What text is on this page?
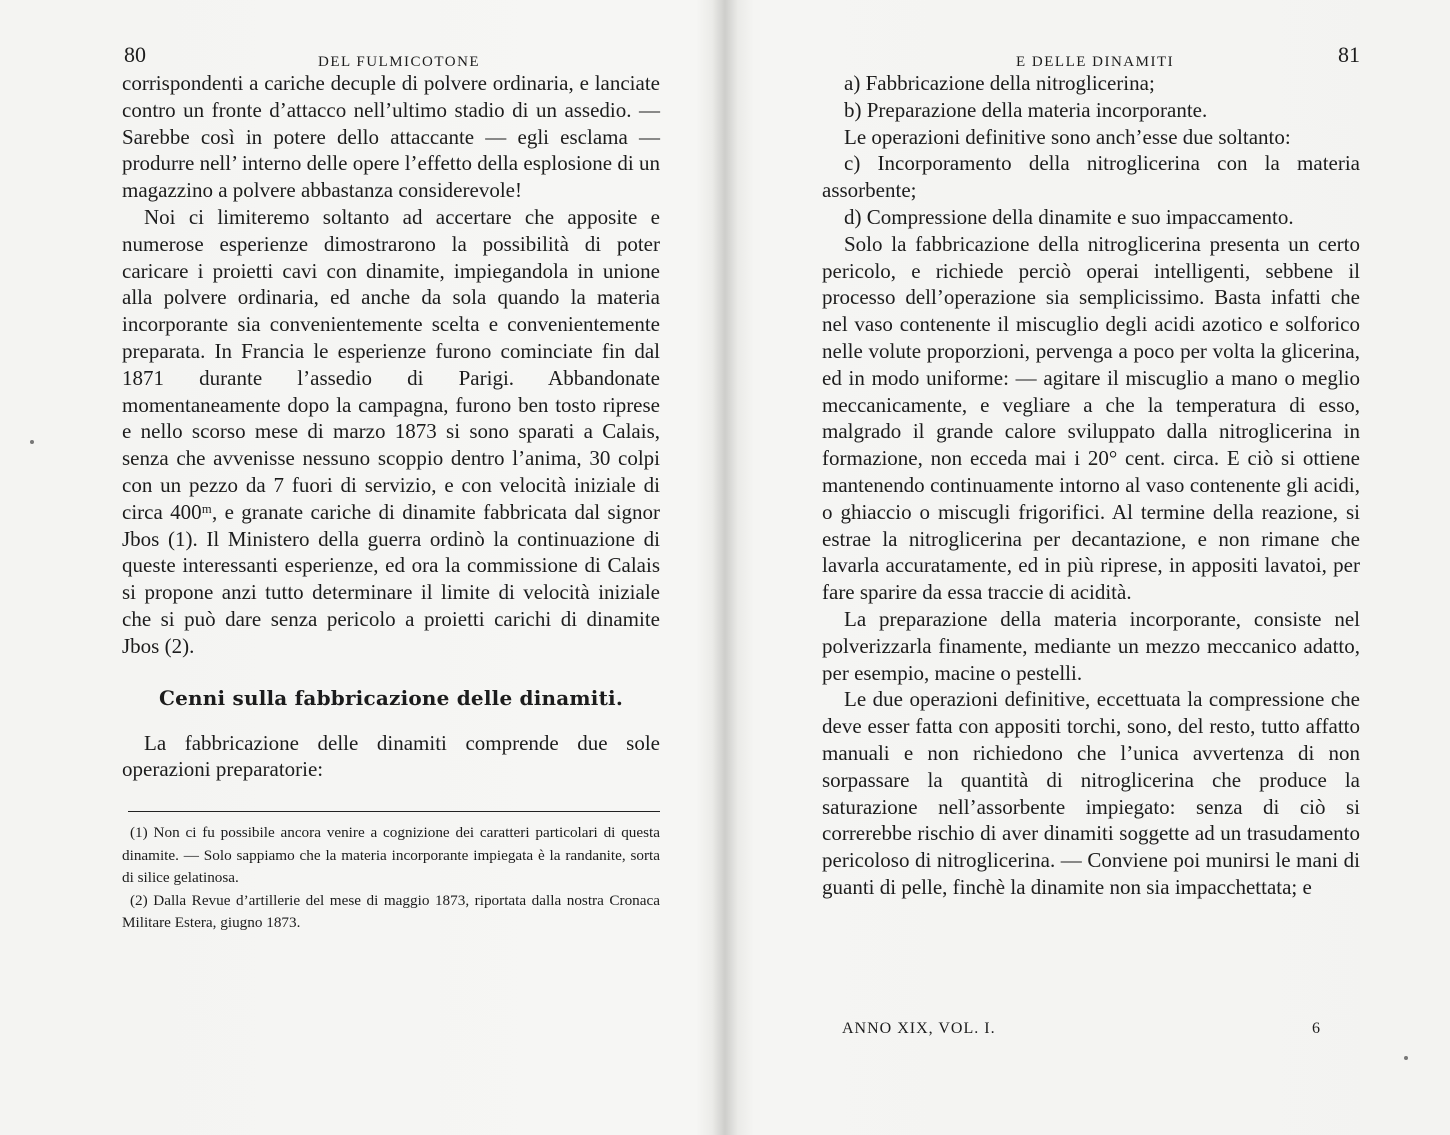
80	DEL FULMICOTONE

corrispondenti a cariche decuple di polvere ordinaria, e lanciate contro un fronte d’attacco nell’ultimo stadio di un assedio. — Sarebbe così in potere dello attaccante — egli esclama — produrre nell’ interno delle opere l’effetto della esplosione di un magazzino a polvere abbastanza considerevole!

Noi ci limiteremo soltanto ad accertare che apposite e numerose esperienze dimostrarono la possibilità di poter caricare i proietti cavi con dinamite, impiegandola in unione alla polvere ordinaria, ed anche da sola quando la materia incorporante sia convenientemente scelta e convenientemente preparata. In Francia le esperienze furono cominciate fin dal 1871 durante l’assedio di Parigi. Abbandonate momentaneamente dopo la campagna, furono ben tosto riprese e nello scorso mese di marzo 1873 si sono sparati a Calais, senza che avvenisse nessuno scoppio dentro l’anima, 30 colpi con un pezzo da 7 fuori di servizio, e con velocità iniziale di circa 400ᵐ, e granate cariche di dinamite fabbricata dal signor Jbos (1). Il Ministero della guerra ordinò la continuazione di queste interessanti esperienze, ed ora la commissione di Calais si propone anzi tutto determinare il limite di velocità iniziale che si può dare senza pericolo a proietti carichi di dinamite Jbos (2).

Cenni sulla fabbricazione delle dinamiti.

La fabbricazione delle dinamiti comprende due sole operazioni preparatorie:

(1) Non ci fu possibile ancora venire a cognizione dei caratteri particolari di questa dinamite. — Solo sappiamo che la materia incorporante impiegata è la randanite, sorta di silice gelatinosa.

(2) Dalla Revue d’artillerie del mese di maggio 1873, riportata dalla nostra Cronaca Militare Estera, giugno 1873.

E DELLE DINAMITI	81

a) Fabbricazione della nitroglicerina;

b) Preparazione della materia incorporante.

Le operazioni definitive sono anch’esse due soltanto:

c) Incorporamento della nitroglicerina con la materia assorbente;

d) Compressione della dinamite e suo impaccamento.

Solo la fabbricazione della nitroglicerina presenta un certo pericolo, e richiede perciò operai intelligenti, sebbene il processo dell’operazione sia semplicissimo. Basta infatti che nel vaso contenente il miscuglio degli acidi azotico e solforico nelle volute proporzioni, pervenga a poco per volta la glicerina, ed in modo uniforme: — agitare il miscuglio a mano o meglio meccanicamente, e vegliare a che la temperatura di esso, malgrado il grande calore sviluppato dalla nitroglicerina in formazione, non ecceda mai i 20° cent. circa. E ciò si ottiene mantenendo continuamente intorno al vaso contenente gli acidi, o ghiaccio o miscugli frigorifici. Al termine della reazione, si estrae la nitroglicerina per decantazione, e non rimane che lavarla accuratamente, ed in più riprese, in appositi lavatoi, per fare sparire da essa traccie di acidità.

La preparazione della materia incorporante, consiste nel polverizzarla finamente, mediante un mezzo meccanico adatto, per esempio, macine o pestelli.

Le due operazioni definitive, eccettuata la compressione che deve esser fatta con appositi torchi, sono, del resto, tutto affatto manuali e non richiedono che l’unica avvertenza di non sorpassare la quantità di nitroglicerina che produce la saturazione nell’assorbente impiegato: senza di ciò si correrebbe rischio di aver dinamiti soggette ad un trasudamento pericoloso di nitroglicerina. — Conviene poi munirsi le mani di guanti di pelle, finchè la dinamite non sia impacchettata; e

ANNO XIX, VOL. I.	6
